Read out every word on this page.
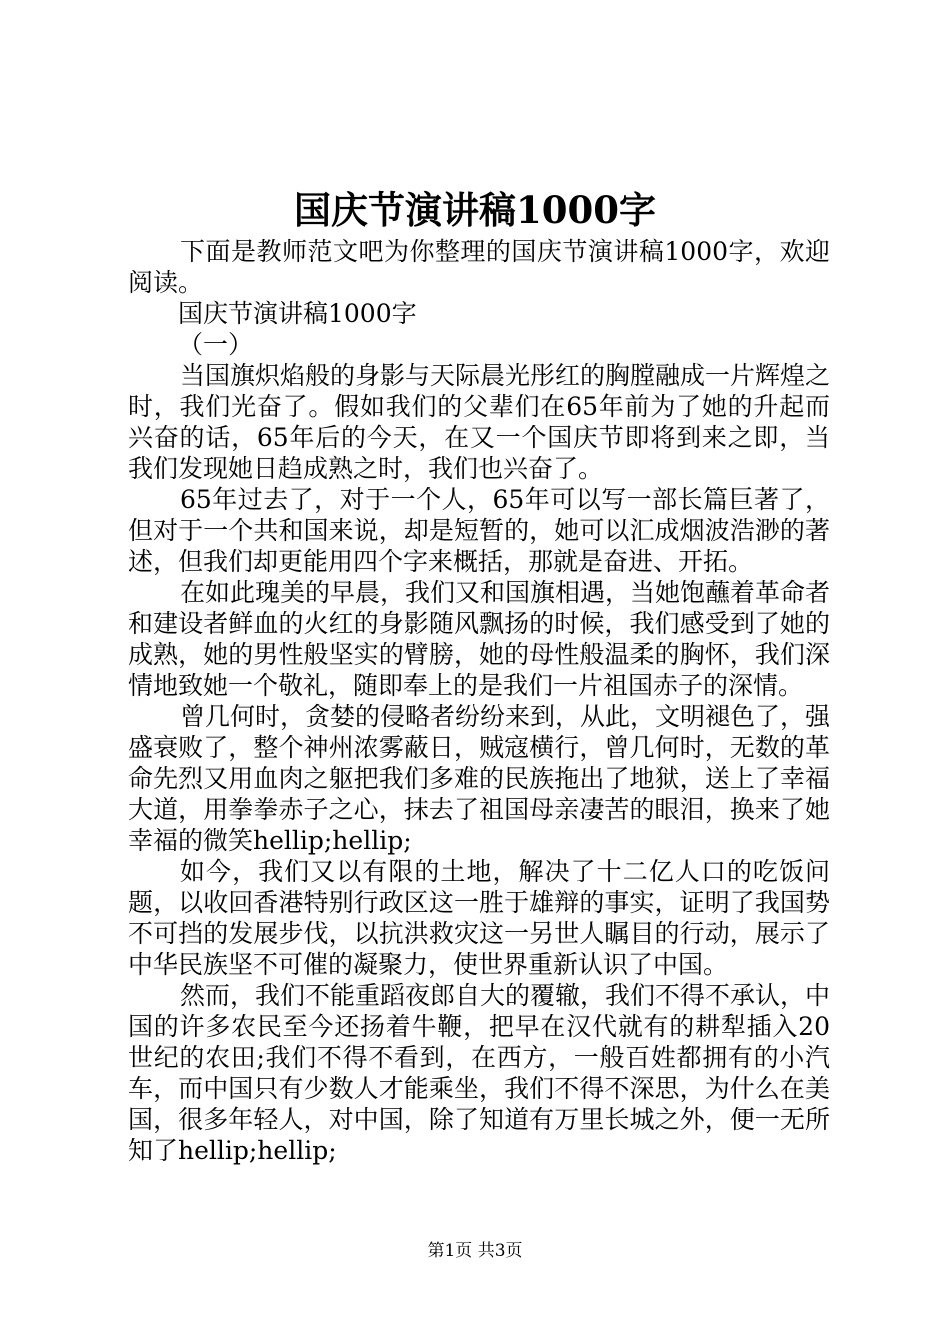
国庆节演讲稿1000字

下面是教师范文吧为你整理的国庆节演讲稿1000字，欢迎阅读。

国庆节演讲稿1000字

（一）

当国旗炽焰般的身影与天际晨光彤红的胸膛融成一片辉煌之时，我们光奋了。假如我们的父辈们在65年前为了她的升起而兴奋的话，65年后的今天，在又一个国庆节即将到来之即，当我们发现她日趋成熟之时，我们也兴奋了。

65年过去了，对于一个人，65年可以写一部长篇巨著了，但对于一个共和国来说，却是短暂的，她可以汇成烟波浩渺的著述，但我们却更能用四个字来概括，那就是奋进、开拓。

在如此瑰美的早晨，我们又和国旗相遇，当她饱蘸着革命者和建设者鲜血的火红的身影随风飘扬的时候，我们感受到了她的成熟，她的男性般坚实的臂膀，她的母性般温柔的胸怀，我们深情地致她一个敬礼，随即奉上的是我们一片祖国赤子的深情。

曾几何时，贪婪的侵略者纷纷来到，从此，文明褪色了，强盛衰败了，整个神州浓雾蔽日，贼寇横行，曾几何时，无数的革命先烈又用血肉之躯把我们多难的民族拖出了地狱，送上了幸福大道，用拳拳赤子之心，抹去了祖国母亲凄苦的眼泪，换来了她幸福的微笑hellip;hellip;

如今，我们又以有限的土地，解决了十二亿人口的吃饭问题，以收回香港特别行政区这一胜于雄辩的事实，证明了我国势不可挡的发展步伐，以抗洪救灾这一另世人瞩目的行动，展示了中华民族坚不可催的凝聚力，使世界重新认识了中国。

然而，我们不能重蹈夜郎自大的覆辙，我们不得不承认，中国的许多农民至今还扬着牛鞭，把早在汉代就有的耕犁插入20世纪的农田;我们不得不看到，在西方，一般百姓都拥有的小汽车，而中国只有少数人才能乘坐，我们不得不深思，为什么在美国，很多年轻人，对中国，除了知道有万里长城之外，便一无所知了hellip;hellip;

第1页 共3页
